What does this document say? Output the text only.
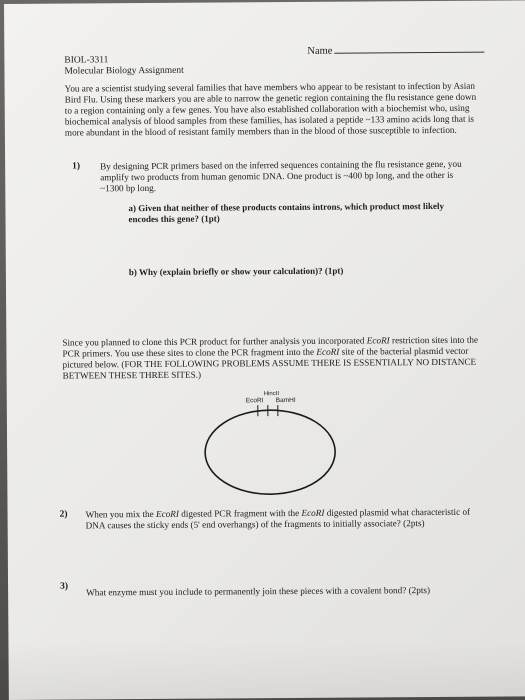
Name
BIOL-3311
Molecular Biology Assignment

You are a scientist studying several families that have members who appear to be resistant to infection by Asian Bird Flu. Using these markers you are able to narrow the genetic region containing the flu resistance gene down to a region containing only a few genes. You have also established collaboration with a biochemist who, using biochemical analysis of blood samples from these families, has isolated a peptide ~133 amino acids long that is more abundant in the blood of resistant family members than in the blood of those susceptible to infection.

1) By designing PCR primers based on the inferred sequences containing the flu resistance gene, you amplify two products from human genomic DNA. One product is ~400 bp long, and the other is ~1300 bp long.

a) Given that neither of these products contains introns, which product most likely encodes this gene? (1pt)

b) Why (explain briefly or show your calculation)? (1pt)

Since you planned to clone this PCR product for further analysis you incorporated EcoRI restriction sites into the PCR primers. You use these sites to clone the PCR fragment into the EcoRI site of the bacterial plasmid vector pictured below. (FOR THE FOLLOWING PROBLEMS ASSUME THERE IS ESSENTIALLY NO DISTANCE BETWEEN THESE THREE SITES.)

EcoRI
HincII
BamHI
2) When you mix the EcoRI digested PCR fragment with the EcoRI digested plasmid what characteristic of DNA causes the sticky ends (5' end overhangs) of the fragments to initially associate? (2pts)

3) What enzyme must you include to permanently join these pieces with a covalent bond? (2pts)
